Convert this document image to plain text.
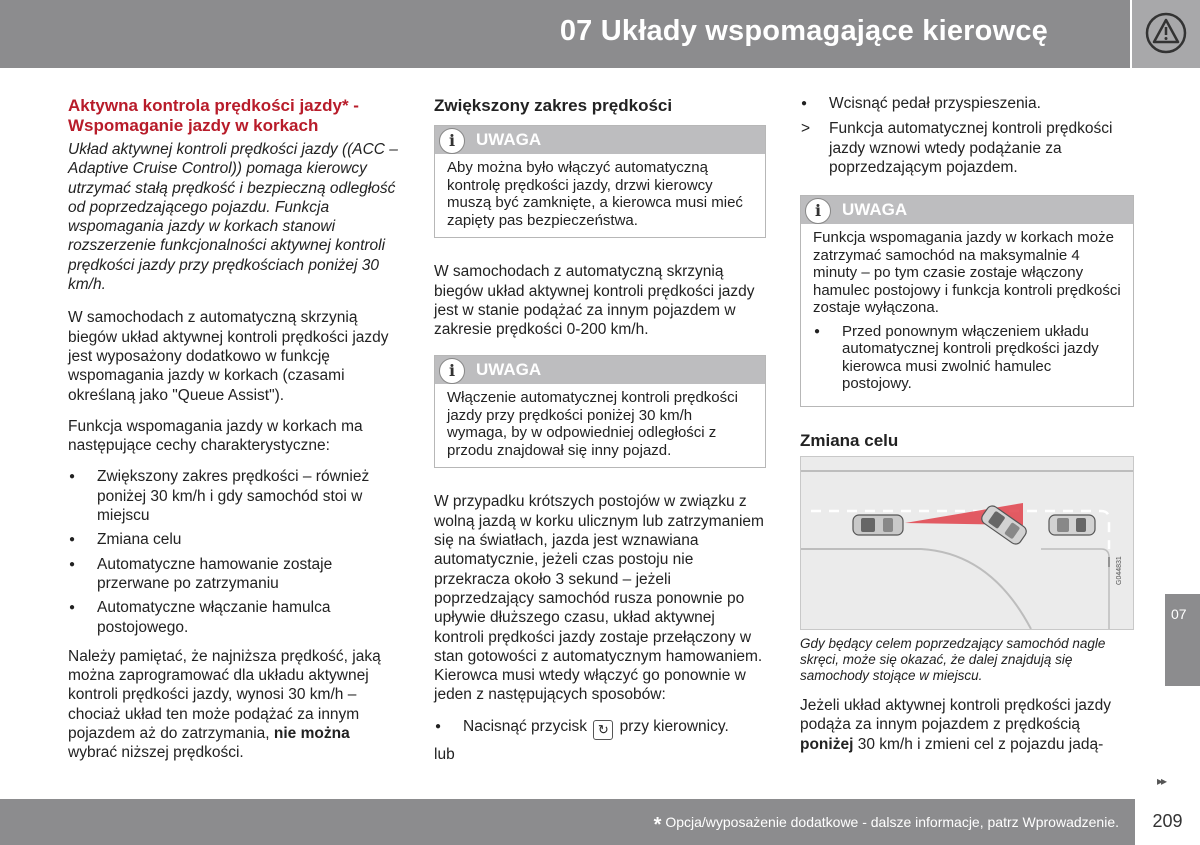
07 Układy wspomagające kierowcę
Aktywna kontrola prędkości jazdy* - Wspomaganie jazdy w korkach
Układ aktywnej kontroli prędkości jazdy ((ACC – Adaptive Cruise Control)) pomaga kierowcy utrzymać stałą prędkość i bezpieczną odległość od poprzedzającego pojazdu. Funkcja wspomagania jazdy w korkach stanowi rozszerzenie funkcjonalności aktywnej kontroli prędkości jazdy przy prędkościach poniżej 30 km/h.

W samochodach z automatyczną skrzynią biegów układ aktywnej kontroli prędkości jazdy jest wyposażony dodatkowo w funkcję wspomagania jazdy w korkach (czasami określaną jako "Queue Assist").

Funkcja wspomagania jazdy w korkach ma następujące cechy charakterystyczne:

● Zwiększony zakres prędkości – również poniżej 30 km/h i gdy samochód stoi w miejscu
● Zmiana celu
● Automatyczne hamowanie zostaje przerwane po zatrzymaniu
● Automatyczne włączanie hamulca postojowego.

Należy pamiętać, że najniższa prędkość, jaką można zaprogramować dla układu aktywnej kontroli prędkości jazdy, wynosi 30 km/h – chociaż układ ten może podążać za innym pojazdem aż do zatrzymania, nie można wybrać niższej prędkości.

Zwiększony zakres prędkości
i	UWAGA
Aby można było włączyć automatyczną kontrolę prędkości jazdy, drzwi kierowcy muszą być zamknięte, a kierowca musi mieć zapięty pas bezpieczeństwa.

W samochodach z automatyczną skrzynią biegów układ aktywnej kontroli prędkości jazdy jest w stanie podążać za innym pojazdem w zakresie prędkości 0-200 km/h.

i	UWAGA
Włączenie automatycznej kontroli prędkości jazdy przy prędkości poniżej 30 km/h wymaga, by w odpowiedniej odległości z przodu znajdował się inny pojazd.

W przypadku krótszych postojów w związku z wolną jazdą w korku ulicznym lub zatrzymaniem się na światłach, jazda jest wznawiana automatycznie, jeżeli czas postoju nie przekracza około 3 sekund – jeżeli poprzedzający samochód rusza ponownie po upływie dłuższego czasu, układ aktywnej kontroli prędkości jazdy zostaje przełączony w stan gotowości z automatycznym hamowaniem. Kierowca musi wtedy włączyć go ponownie w jeden z następujących sposobów:

● Nacisnąć przycisk ↻ przy kierownicy.
lub
● Wcisnąć pedał przyspieszenia.
> Funkcja automatycznej kontroli prędkości jazdy wznowi wtedy podążanie za poprzedzającym pojazdem.
i	UWAGA
Funkcja wspomagania jazdy w korkach może zatrzymać samochód na maksymalnie 4 minuty – po tym czasie zostaje włączony hamulec postojowy i funkcja kontroli prędkości zostaje wyłączona.
● Przed ponownym włączeniem układu automatycznej kontroli prędkości jazdy kierowca musi zwolnić hamulec postojowy.
Zmiana celu
G044831
Gdy będący celem poprzedzający samochód nagle skręci, może się okazać, że dalej znajdują się samochody stojące w miejscu.

Jeżeli układ aktywnej kontroli prędkości jazdy podąża za innym pojazdem z prędkością poniżej 30 km/h i zmieni cel z pojazdu jadą-

07
▸▸
* Opcja/wyposażenie dodatkowe - dalsze informacje, patrz Wprowadzenie.	209
